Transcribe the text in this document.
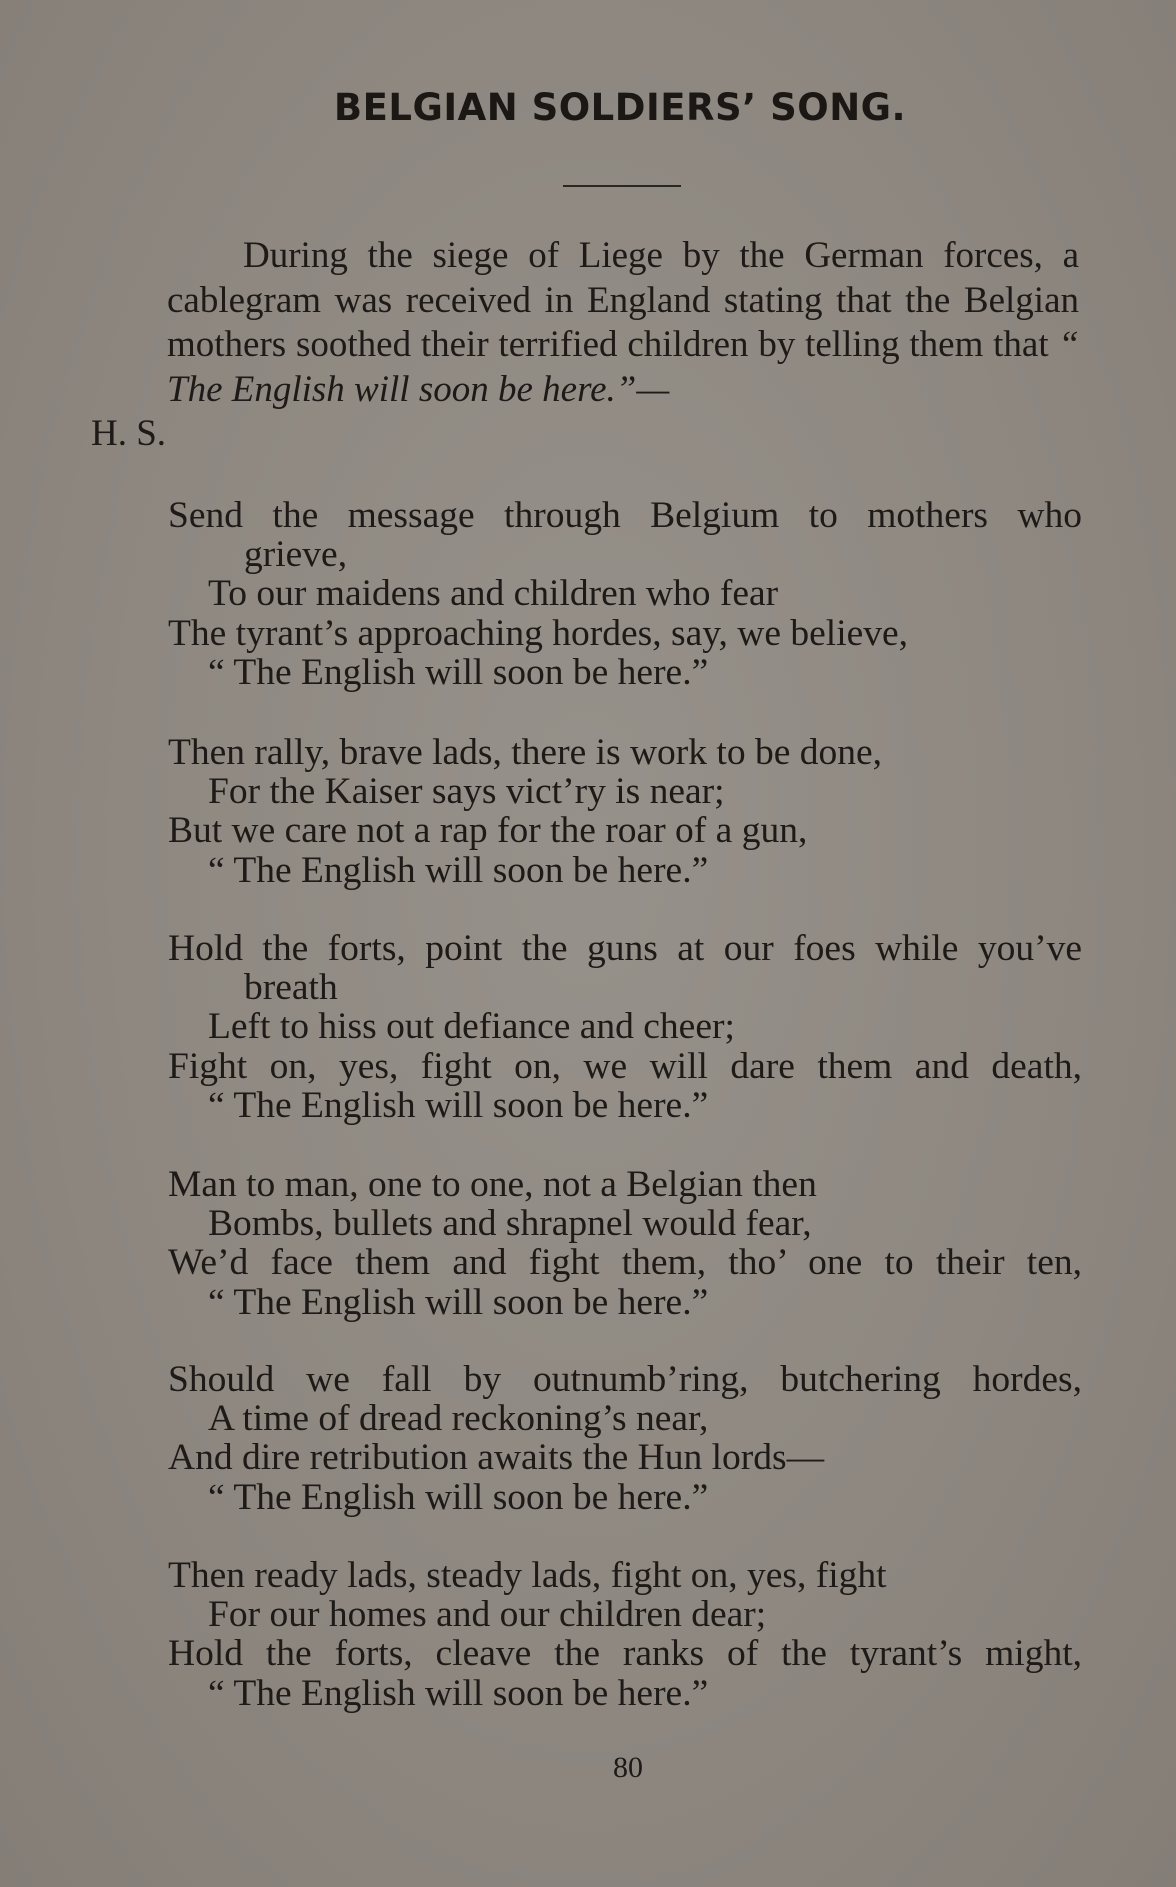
BELGIAN SOLDIERS’ SONG.
During the siege of Liege by the German forces, a cablegram was received in England stating that the Belgian mothers soothed their terrified children by telling them that “ The English will soon be here.”—
H. S.
Send the message through Belgium to mothers who
grieve,
To our maidens and children who fear
The tyrant’s approaching hordes, say, we believe,
“ The English will soon be here.”
Then rally, brave lads, there is work to be done,
For the Kaiser says vict’ry is near;
But we care not a rap for the roar of a gun,
“ The English will soon be here.”
Hold the forts, point the guns at our foes while you’ve
breath
Left to hiss out defiance and cheer;
Fight on, yes, fight on, we will dare them and death,
“ The English will soon be here.”
Man to man, one to one, not a Belgian then
Bombs, bullets and shrapnel would fear,
We’d face them and fight them, tho’ one to their ten,
“ The English will soon be here.”
Should we fall by outnumb’ring, butchering hordes,
A time of dread reckoning’s near,
And dire retribution awaits the Hun lords—
“ The English will soon be here.”
Then ready lads, steady lads, fight on, yes, fight
For our homes and our children dear;
Hold the forts, cleave the ranks of the tyrant’s might,
“ The English will soon be here.”
80
